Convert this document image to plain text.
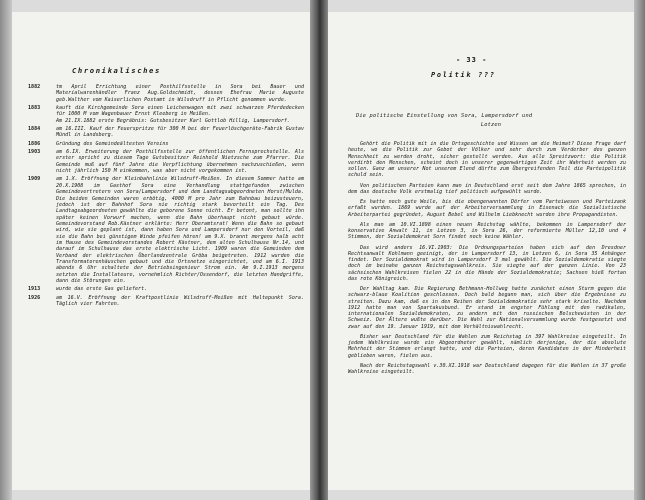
Chronikalisches
1882	tm April Errichtung einer Posthilfsstelle in Sora bei Bauer und Materialwarenhändler Franz Aug.Goldschmidt, dessen Ehefrau Marie Auguste geb.Walther vom Kaiserlichen Postamt in Wilsdruff in Pflicht genommen wurde.
1883	kauft die Kirchgemeinde Sora einen Leichenwagen mit zwei schwarzen Pferdedecken für 1000 M vom Wagenbauer Ernst Kleeberg in Meißen.
Am 21.IX.1882 erste Begräbnis: Gutsbesitzer Karl Gottlob Hillig, Lampersdorf.
1884	am 16.III. Kauf der Feuerspritze für 300 M bei der Feuerlöschgeräte-Fabrik Gustav Mündl in Landsberg.
1886	Gründung des Gemeindeältesten Vereins
1903	am 6.IX. Erweiterung der Posthilfsstelle zur öffentlichen Fernsprechstelle. Als erster spricht zu diesem Tage Gutsbesitzer Reinhold Nietzsche zum Pfarrer. Die Gemeinde muß auf fünf Jahre die Verpflichtung übernehmen nachzuschießen, wenn nicht jährlich 150 M einkommen, was aber nicht vorgekommen ist.
1909	am 1.X. Eröffnung der Kleinbahnlinie Wilsdruff-Meißen. In diesem Sommer hatte am 20.X.1908 im Gasthof Sora eine Verhandlung stattgefunden zwischen Gemeindevertretern von Sora/Lampersdorf und dem Landtagsabgeordneten Horst/Mulda. Die beiden Gemeinden waren erbötig, 4000 M pro Jahr zum Bahnbau beizusteuern, jedoch ist der Bahnhof Sora nie richtig stark bevorteilt ein Tag. Des Landtagsabgeordneten gewählte die geborene Sonne nicht. Er betont, man sollte ihn später keinen Vorwurf machen, wenn die Bahn überhaupt nicht gebaut würde. Gemeindevorstand Rob.Kästner erklärte: Herr Oberamtsrat! Wenn die Bahn so gebaut wird, wie sie geplant ist, dann haben Sora und Lampersdorf nur den Vorteil, daß sie die Bahn bei günstigem Winde pfeifen hören! am 9.X. brannt morgens halb acht im Hause des Gemeindevorstandes Robert Kästner, dem alten Schulhause Nr.14, und darauf im Schulhause das erste elektrische Licht. 1909 waren die Gemeinden dem Verband der elektrischen Überlandzentrale Gröba beigetreten. 1912 wurden die Transformatorenhäuschen gebaut und die Ortsnetze eingerichtet, und am 6.I. 1913 abends 6 Uhr schaltete der Betriebsingenieur Strom ein. Am 9.I.1913 morgens setzten die Installateure, vornehmlich Richter/Ossendorf, die letzten Handgriffe, dann die Störungen ein.
1913	wurde das erste Gas geliefert.
1926	am 16.V. Eröffnung der Kraftpostlinie Wilsdruff-Meißen mit Haltepunkt Sora. Täglich vier Fahrten.
- 33 -
Politik ???
Die politische Einstellung von Sora, Lampersdorf und
Lotzen

Gehört die Politik mit in die Ortsgeschichte und Wissen um die Heimat? Diese Frage darf heute, wo die Politik zur Gebot der Völker und sehr durch zum Verderber des ganzen Menschheit zu werden droht, sicher gestellt werden. Aus alle Spreitzwort: die Politik verdirbt den Menschen, scheint doch in unserer gegenwärtigen Zeit ihr Wahrheit werden zu sollen. Ganz am unserer Not unserem Elend dürfte zum Übergreifenden Teil die Parteipolitik schuld sein.

Von politischen Parteien kann man in Deutschland erst seit dem Jahre 1865 sprechen, in dem das deutsche Volk erstmalig tief politisch aufgewühlt wurde.

Es hatte noch gute Weile, bis die obengenannten Dörfer vom Parteiwesen und Parteizank erfaßt wurden. 1869 wurde auf der Arbeiterversammlung in Eisenach die Sozialistische Arbeiterpartei gegründet, August Bebel und Wilhelm Liebknecht wurden ihre Propagandisten.

Als man am 10.VI.1898 einen neuen Reichstag wählte, bekommen in Lampersdorf der konservative Anwalt 11, in Lotzen 3, in Sora 26, der reformierte Müller 12,10 und 4 Stimmen, der Sozialdemokrat Sorn findet noch keine Wähler.

Das wird anders 16.VI.1903: Die Ordnungsparteien haben sich auf den Dresdner Rechtsanwalt Kohlmann geeinigt, der in Lampersdorf 13, in Lotzen 6, in Sora 35 Anhänger findet. Der Sozialdemokrat wird in Lampersdorf 3 mal gewählt. Die Sozialdemokratie siegte doch im beinahe ganzen Reichstagswahlkreis. Sie siegte auf der ganzen Linie. Von 23 sächsischen Wahlkreisen fielen 22 in die Hände der Sozialdemokratie; Sachsen hieß fortan das rote Königreich.

Der Wahltag kam. Die Regierung Bethmann-Hollweg hatte zunächst einen Sturm gegen die schwarz-blaue Koalition geschlossen. Doch bald begann man, sich über die Ergebnisse zu streiten. Dazu kam, daß es in den Reihen der Sozialdemokratie sehr stark kriselte. Nachdem 1912 hatte man von Spartakusbund. Er stand im engster Fühlung mit den radikalen, internationalen Sozialdemokraten, zu andern mit den russischen Bolschewisten in der Schweiz. Der Ältere wußte darüber. Die Wahl zur Nationalversammlung wurde festgesetzt und zwar auf den 19. Januar 1919, mit dem Verhältniswahlrecht.

Bisher war Deutschland für die Wahlen zum Reichstag in 397 Wahlkreise eingeteilt. In jedem Wahlkreise wurde ein Abgeordneter gewählt, nämlich derjenige, der die absolute Mehrheit der Stimmen erlangt hatte, und die Parteien, deren Kandidaten in der Minderheit geblieben waren, fielen aus.

Nach der Reichstagswahl v.30.XI.1918 war Deutschland dagegen für die Wahlen in 37 große Wahlkreise eingeteilt.
